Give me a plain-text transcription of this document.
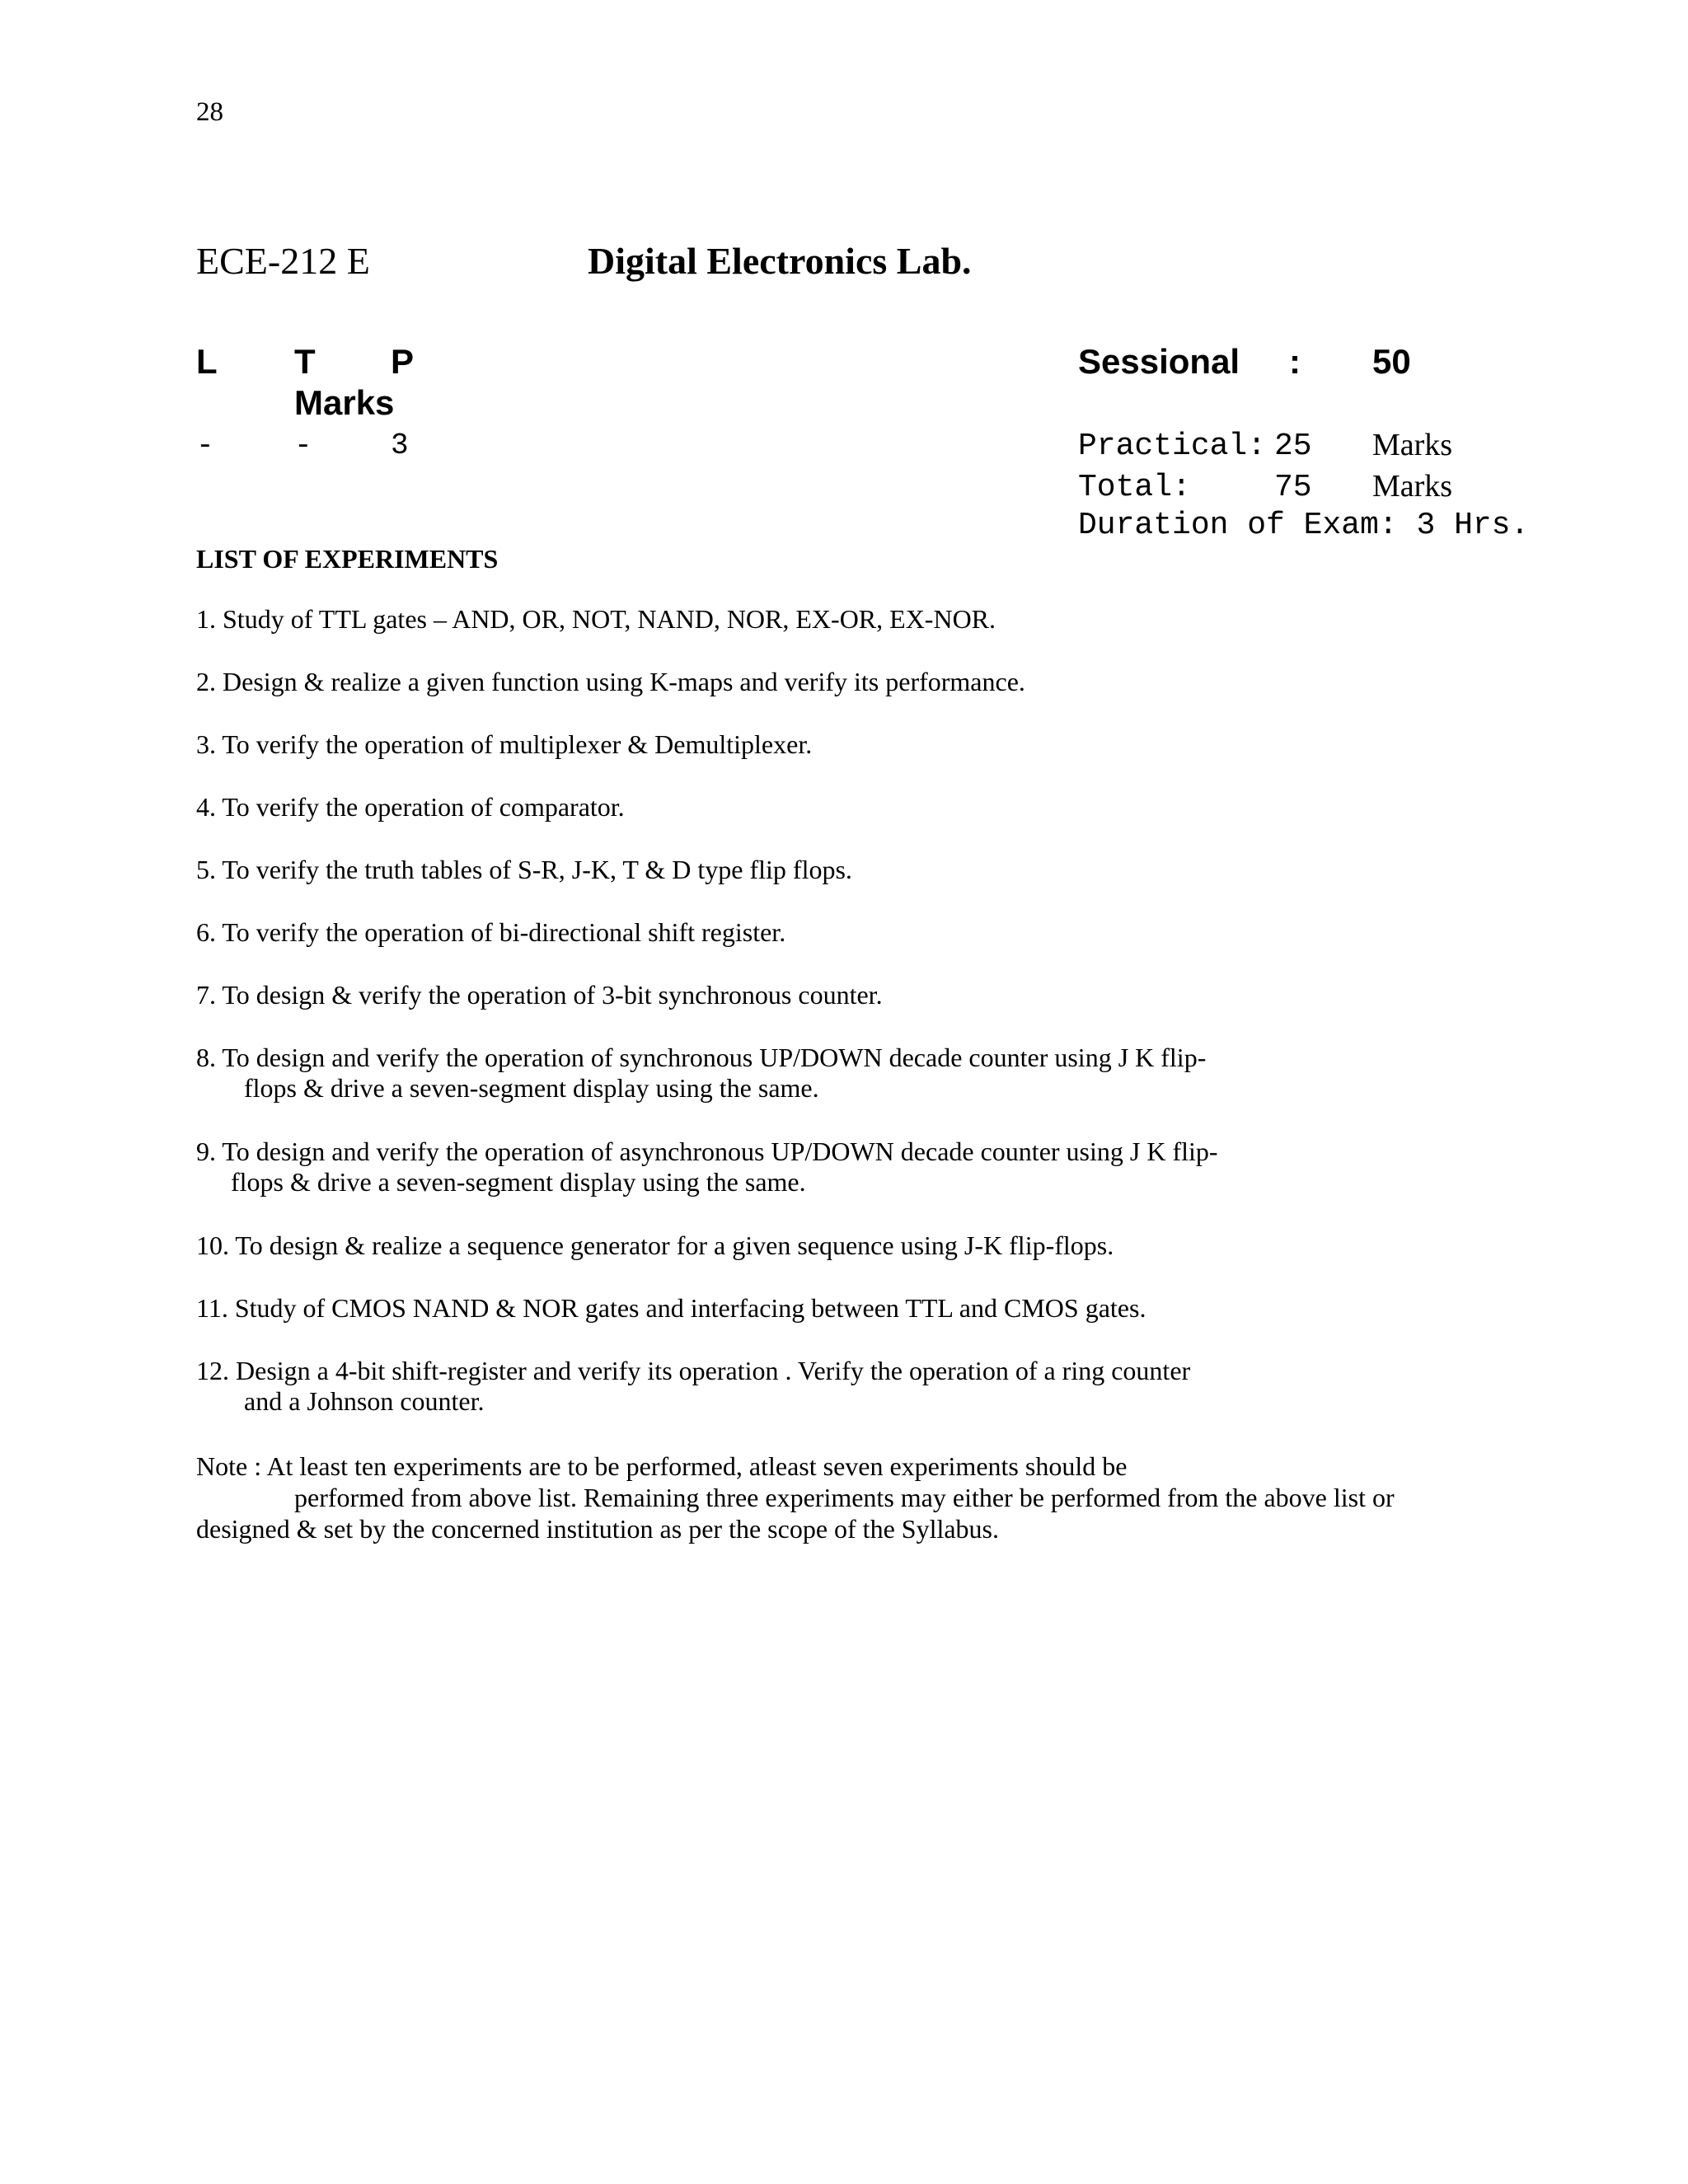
28
ECE-212 E	Digital Electronics Lab.
L T P
Marks
-	-	3
Sessional : 50
Practical: 25 Marks
Total:	75 Marks
Duration of Exam: 3 Hrs.
LIST OF EXPERIMENTS
1. Study of TTL gates – AND, OR, NOT, NAND, NOR, EX-OR, EX-NOR.
2. Design & realize a given function using K-maps and verify its performance.
3. To verify the operation of multiplexer & Demultiplexer.
4. To verify the operation of comparator.
5. To verify the truth tables of S-R, J-K, T & D type flip flops.
6. To verify the operation of bi-directional shift register.
7. To design & verify the operation of 3-bit synchronous counter.
8. To design and verify the operation of synchronous UP/DOWN decade counter using J K flip-
flops & drive a seven-segment display using the same.
9. To design and verify the operation of asynchronous UP/DOWN decade counter using J K flip-
flops & drive a seven-segment display using the same.
10. To design & realize a sequence generator for a given sequence using J-K flip-flops.
11. Study of CMOS NAND & NOR gates and interfacing between TTL and CMOS gates.
12. Design a 4-bit shift-register and verify its operation . Verify the operation of a ring counter
and a Johnson counter.
Note : At least ten experiments are to be performed, atleast seven experiments should be
performed from above list. Remaining three experiments may either be performed from the above list or
designed & set by the concerned institution as per the scope of the Syllabus.
